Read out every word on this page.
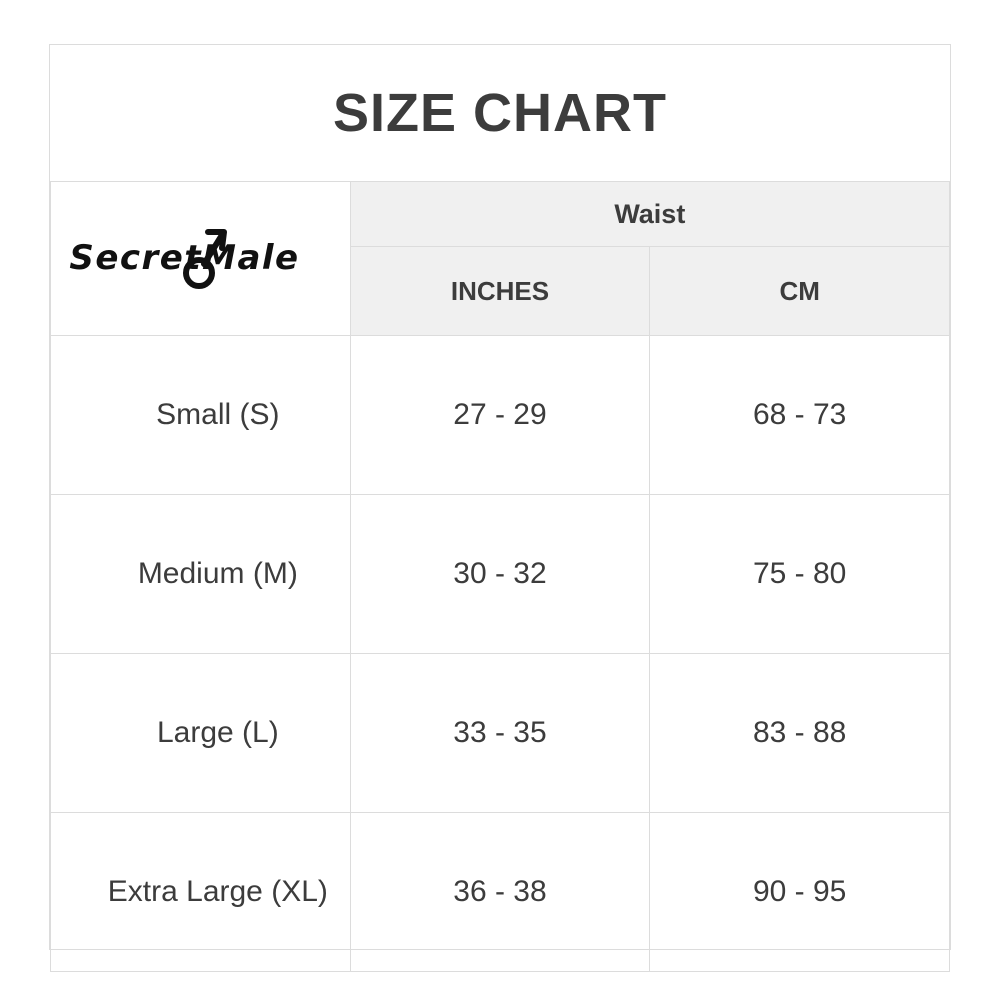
SIZE CHART		

SecretMale	Waist	
	INCHES	CM
Small (S)	27 - 29	68 - 73
Medium (M)	30 - 32	75 - 80
Large (L)	33 - 35	83 - 88
Extra Large (XL)	36 - 38	90 - 95
